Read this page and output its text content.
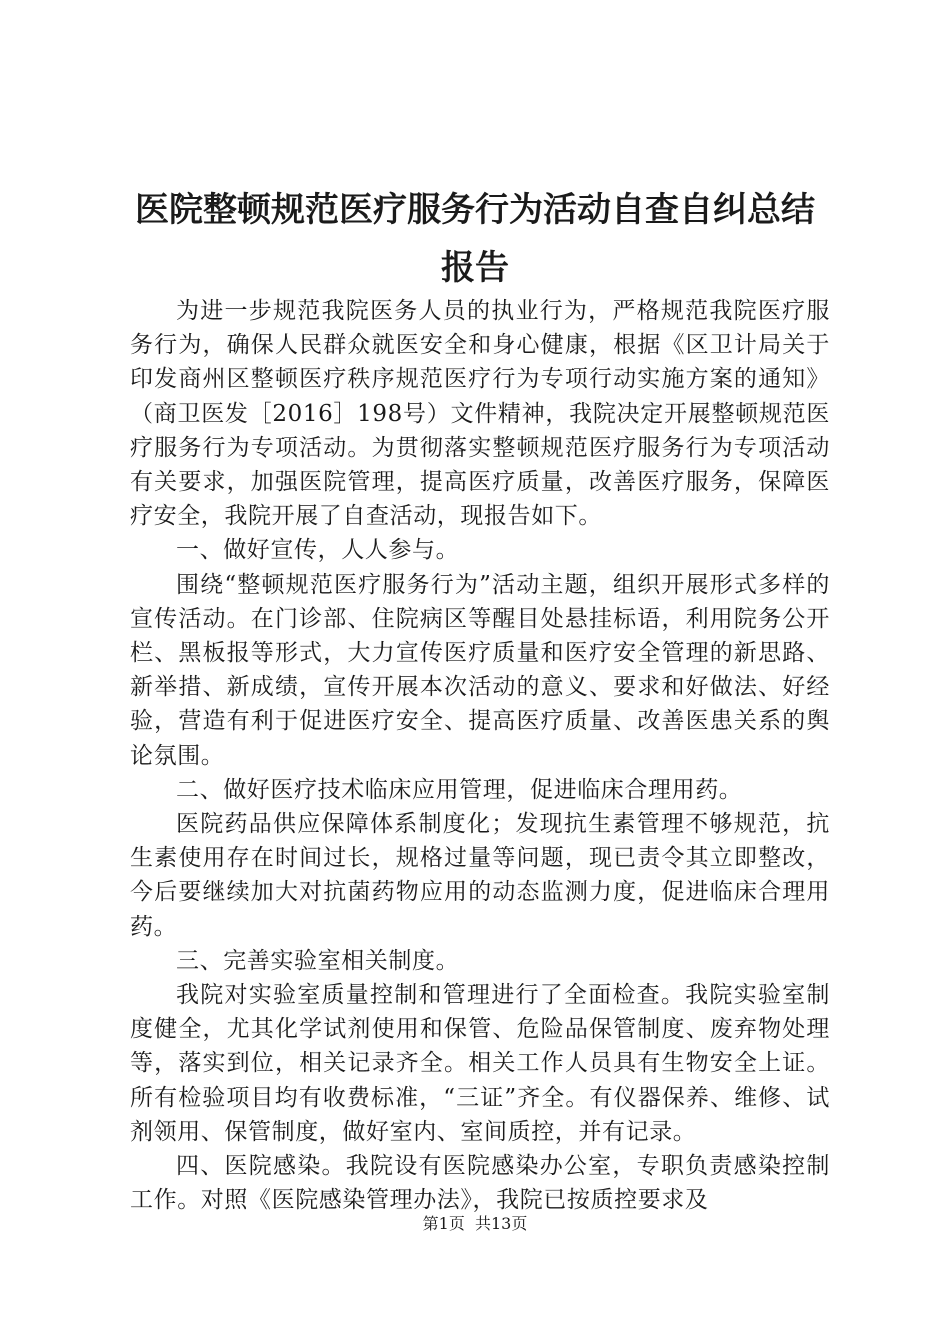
医院整顿规范医疗服务行为活动自查自纠总结
报告

为进一步规范我院医务人员的执业行为，严格规范我院医疗服务行为，确保人民群众就医安全和身心健康，根据《区卫计局关于印发商州区整顿医疗秩序规范医疗行为专项行动实施方案的通知》（商卫医发［2016］198号）文件精神，我院决定开展整顿规范医疗服务行为专项活动。为贯彻落实整顿规范医疗服务行为专项活动有关要求，加强医院管理，提高医疗质量，改善医疗服务，保障医疗安全，我院开展了自查活动，现报告如下。

一、做好宣传，人人参与。

围绕“整顿规范医疗服务行为”活动主题，组织开展形式多样的宣传活动。在门诊部、住院病区等醒目处悬挂标语，利用院务公开栏、黑板报等形式，大力宣传医疗质量和医疗安全管理的新思路、新举措、新成绩，宣传开展本次活动的意义、要求和好做法、好经验，营造有利于促进医疗安全、提高医疗质量、改善医患关系的舆论氛围。

二、做好医疗技术临床应用管理，促进临床合理用药。

医院药品供应保障体系制度化；发现抗生素管理不够规范，抗生素使用存在时间过长，规格过量等问题，现已责令其立即整改，今后要继续加大对抗菌药物应用的动态监测力度，促进临床合理用药。

三、完善实验室相关制度。

我院对实验室质量控制和管理进行了全面检查。我院实验室制度健全，尤其化学试剂使用和保管、危险品保管制度、废弃物处理等，落实到位，相关记录齐全。相关工作人员具有生物安全上证。所有检验项目均有收费标准，“三证”齐全。有仪器保养、维修、试剂领用、保管制度，做好室内、室间质控，并有记录。

四、医院感染。我院设有医院感染办公室，专职负责感染控制工作。对照《医院感染管理办法》，我院已按质控要求及

第1页  共13页
